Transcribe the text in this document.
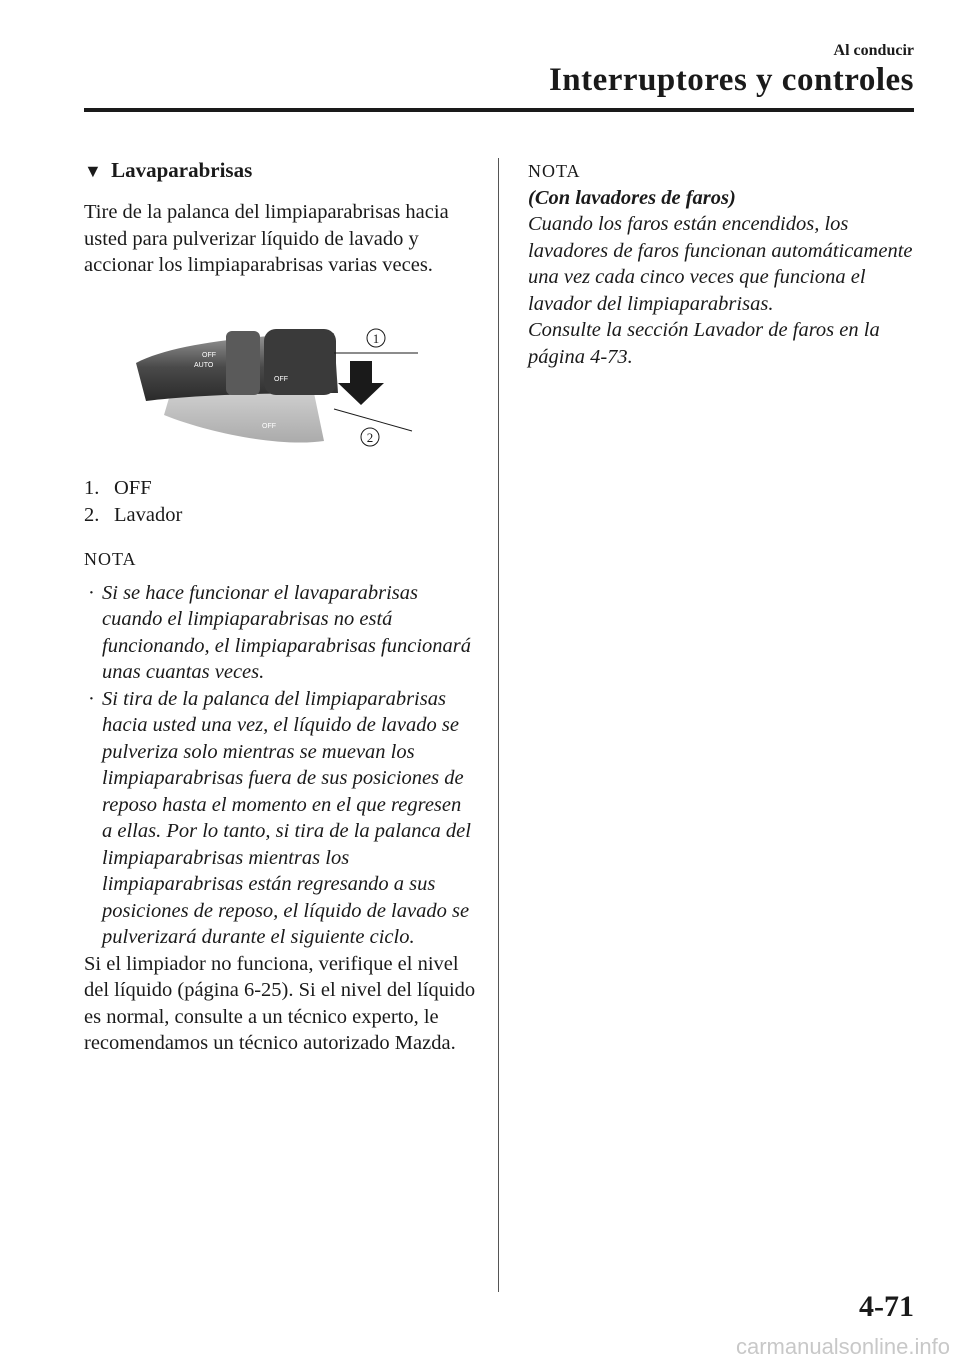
Al conducir
Interruptores y controles
▼ Lavaparabrisas

Tire de la palanca del limpiaparabrisas hacia usted para pulverizar líquido de lavado y accionar los limpiaparabrisas varias veces.

OFF
OFF
AUTO
OFF
1
2
1. OFF
2. Lavador
NOTA
· Si se hace funcionar el lavaparabrisas cuando el limpiaparabrisas no está funcionando, el limpiaparabrisas funcionará unas cuantas veces.
· Si tira de la palanca del limpiaparabrisas hacia usted una vez, el líquido de lavado se pulveriza solo mientras se muevan los limpiaparabrisas fuera de sus posiciones de reposo hasta el momento en el que regresen a ellas. Por lo tanto, si tira de la palanca del limpiaparabrisas mientras los limpiaparabrisas están regresando a sus posiciones de reposo, el líquido de lavado se pulverizará durante el siguiente ciclo.

Si el limpiador no funciona, verifique el nivel del líquido (página 6-25). Si el nivel del líquido es normal, consulte a un técnico experto, le recomendamos un técnico autorizado Mazda.

NOTA
(Con lavadores de faros)
Cuando los faros están encendidos, los lavadores de faros funcionan automáticamente una vez cada cinco veces que funciona el lavador del limpiaparabrisas.
Consulte la sección Lavador de faros en la página 4-73.
4-71
carmanualsonline.info
